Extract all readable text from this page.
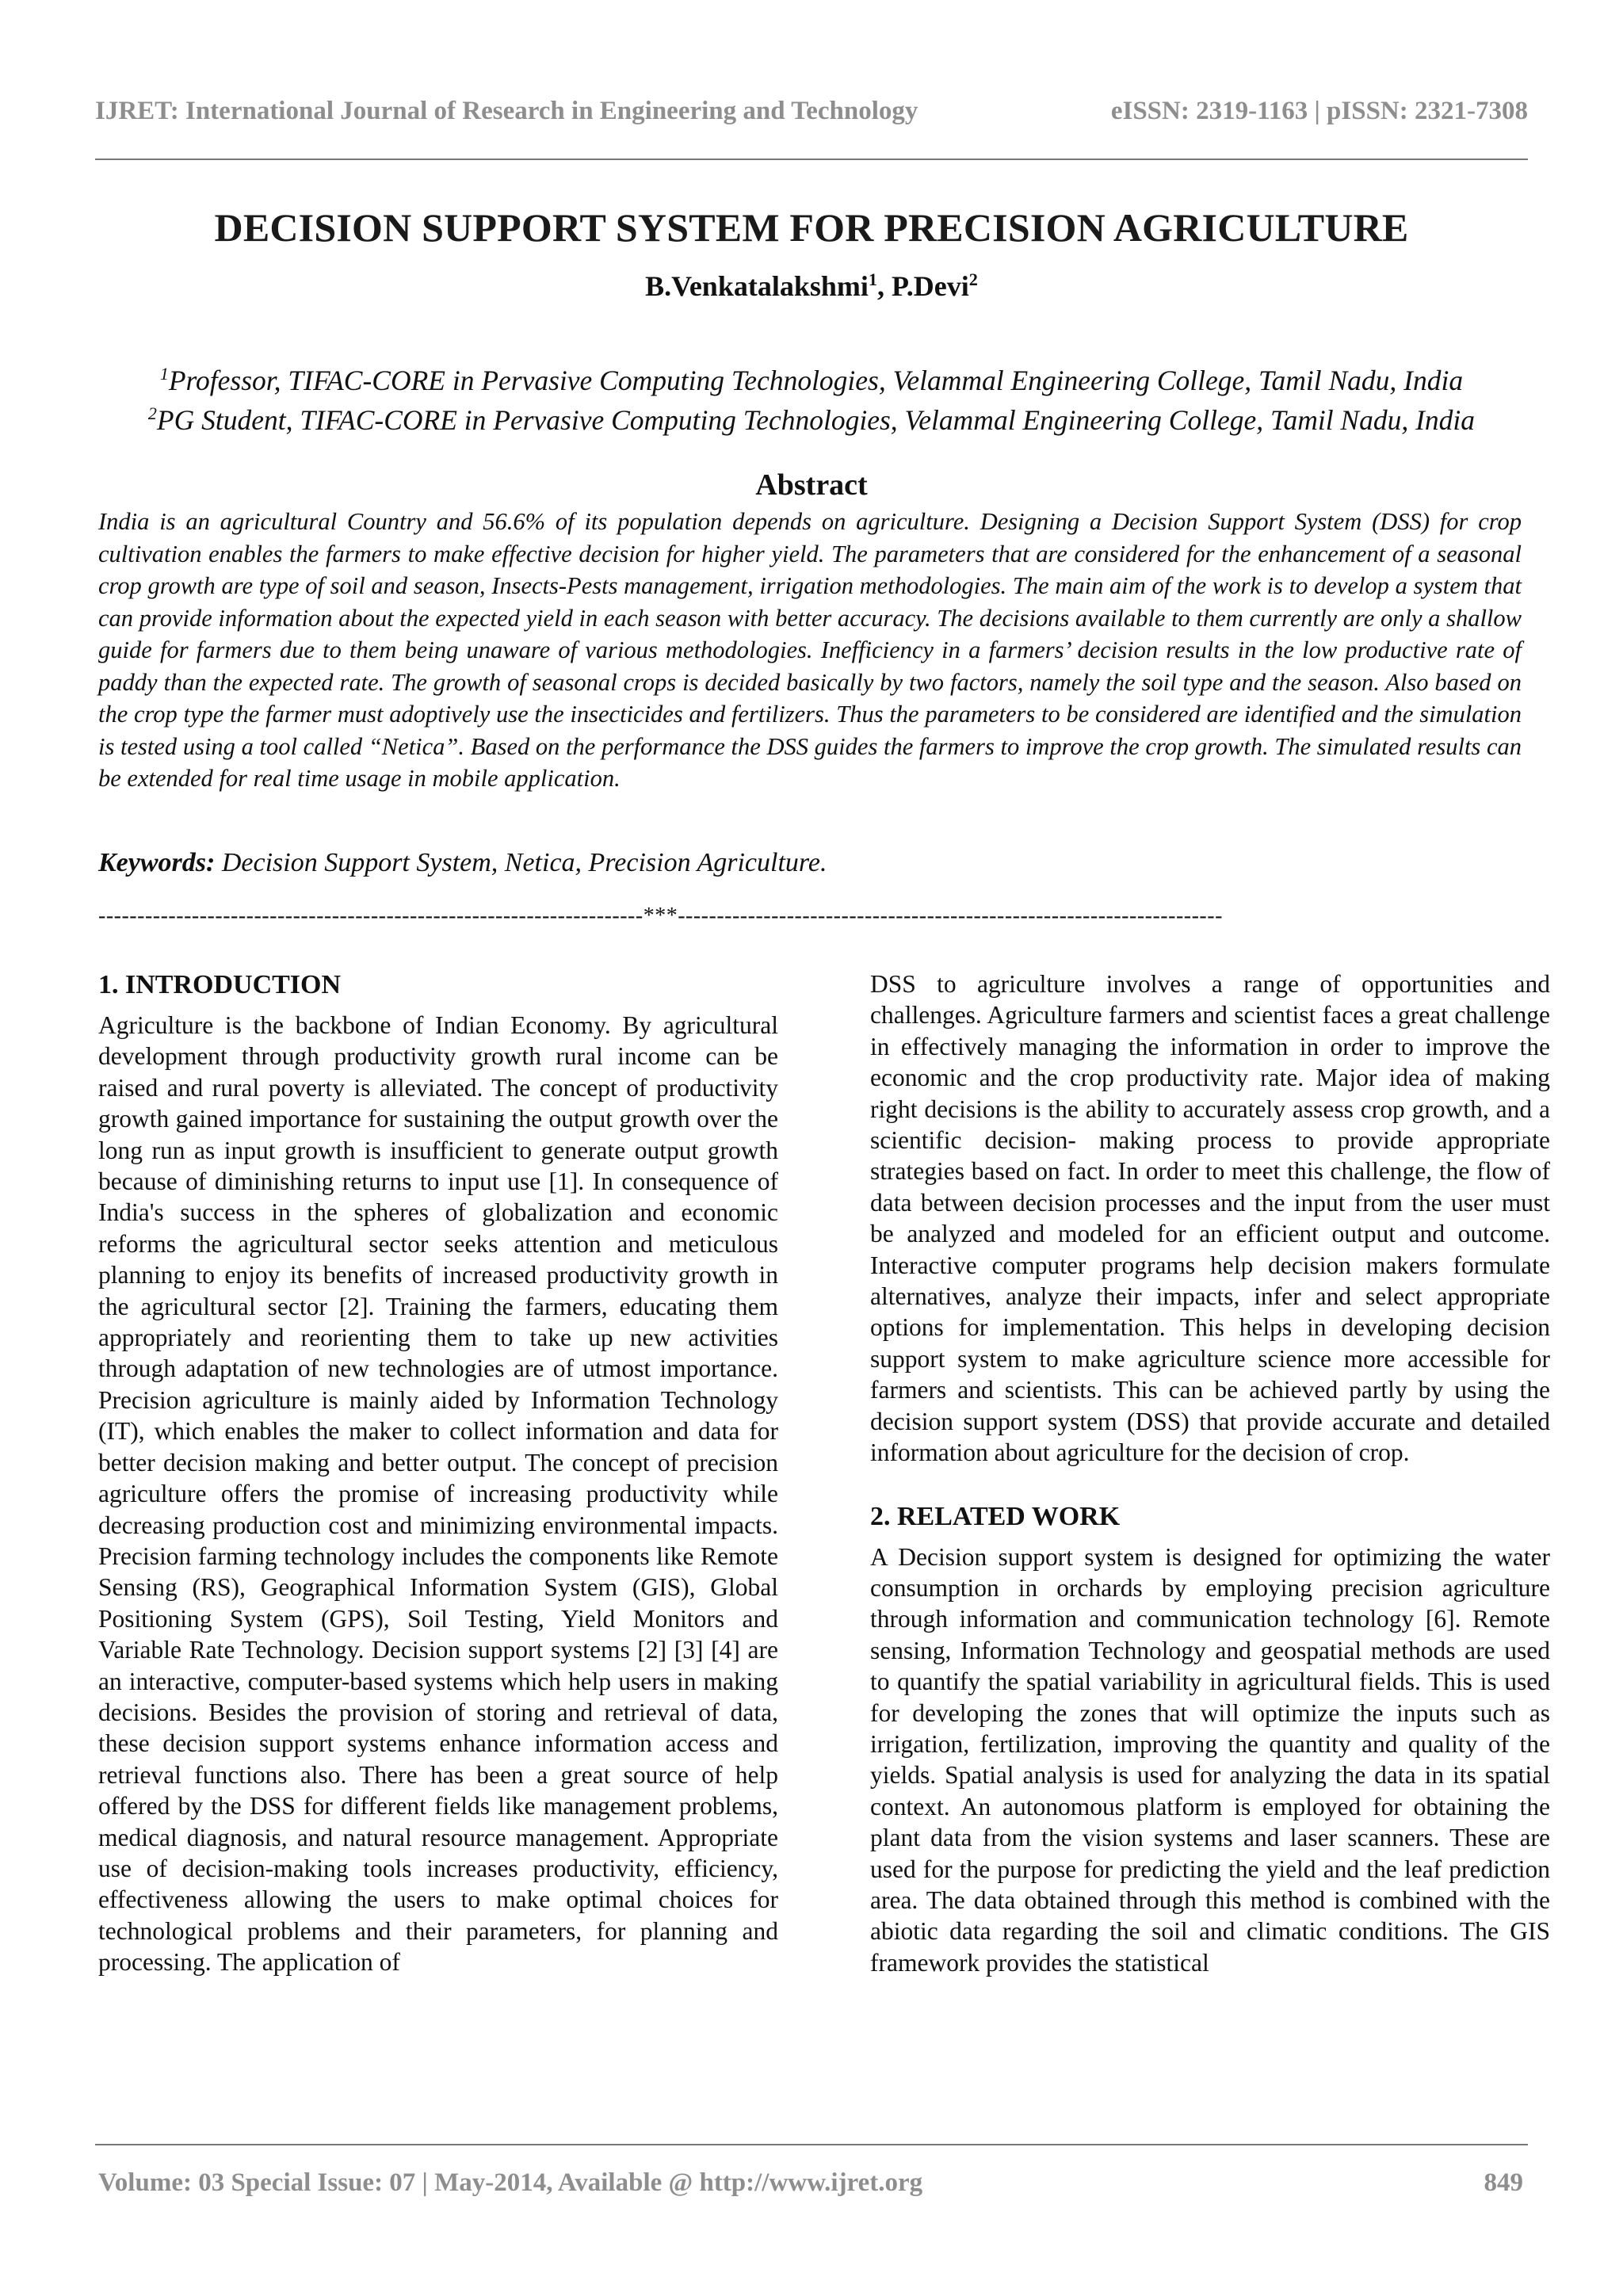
IJRET: International Journal of Research in Engineering and Technology	eISSN: 2319-1163 | pISSN: 2321-7308
DECISION SUPPORT SYSTEM FOR PRECISION AGRICULTURE
B.Venkatalakshmi$^1$, P.Devi$^2$
$^1$Professor, TIFAC-CORE in Pervasive Computing Technologies, Velammal Engineering College, Tamil Nadu, India
$^2$PG Student, TIFAC-CORE in Pervasive Computing Technologies, Velammal Engineering College, Tamil Nadu, India
Abstract
India is an agricultural Country and 56.6% of its population depends on agriculture. Designing a Decision Support System (DSS) for crop cultivation enables the farmers to make effective decision for higher yield. The parameters that are considered for the enhancement of a seasonal crop growth are type of soil and season, Insects-Pests management, irrigation methodologies. The main aim of the work is to develop a system that can provide information about the expected yield in each season with better accuracy. The decisions available to them currently are only a shallow guide for farmers due to them being unaware of various methodologies. Inefficiency in a farmers’ decision results in the low productive rate of paddy than the expected rate. The growth of seasonal crops is decided basically by two factors, namely the soil type and the season. Also based on the crop type the farmer must adoptively use the insecticides and fertilizers. Thus the parameters to be considered are identified and the simulation is tested using a tool called “Netica”. Based on the performance the DSS guides the farmers to improve the crop growth. The simulated results can be extended for real time usage in mobile application.
Keywords: Decision Support System, Netica, Precision Agriculture.
----------------------------------------------------------------------***----------------------------------------------------------------------
1. INTRODUCTION

Agriculture is the backbone of Indian Economy. By agricultural development through productivity growth rural income can be raised and rural poverty is alleviated. The concept of productivity growth gained importance for sustaining the output growth over the long run as input growth is insufficient to generate output growth because of diminishing returns to input use [1]. In consequence of India's success in the spheres of globalization and economic reforms the agricultural sector seeks attention and meticulous planning to enjoy its benefits of increased productivity growth in the agricultural sector [2]. Training the farmers, educating them appropriately and reorienting them to take up new activities through adaptation of new technologies are of utmost importance. Precision agriculture is mainly aided by Information Technology (IT), which enables the maker to collect information and data for better decision making and better output. The concept of precision agriculture offers the promise of increasing productivity while decreasing production cost and minimizing environmental impacts. Precision farming technology includes the components like Remote Sensing (RS), Geographical Information System (GIS), Global Positioning System (GPS), Soil Testing, Yield Monitors and Variable Rate Technology. Decision support systems [2] [3] [4] are an interactive, computer-based systems which help users in making decisions. Besides the provision of storing and retrieval of data, these decision support systems enhance information access and retrieval functions also. There has been a great source of help offered by the DSS for different fields like management problems, medical diagnosis, and natural resource management. Appropriate use of decision-making tools increases productivity, efficiency, effectiveness allowing the users to make optimal choices for technological problems and their parameters, for planning and processing. The application of

DSS to agriculture involves a range of opportunities and challenges. Agriculture farmers and scientist faces a great challenge in effectively managing the information in order to improve the economic and the crop productivity rate. Major idea of making right decisions is the ability to accurately assess crop growth, and a scientific decision- making process to provide appropriate strategies based on fact. In order to meet this challenge, the flow of data between decision processes and the input from the user must be analyzed and modeled for an efficient output and outcome. Interactive computer programs help decision makers formulate alternatives, analyze their impacts, infer and select appropriate options for implementation. This helps in developing decision support system to make agriculture science more accessible for farmers and scientists. This can be achieved partly by using the decision support system (DSS) that provide accurate and detailed information about agriculture for the decision of crop.

2. RELATED WORK

A Decision support system is designed for optimizing the water consumption in orchards by employing precision agriculture through information and communication technology [6]. Remote sensing, Information Technology and geospatial methods are used to quantify the spatial variability in agricultural fields. This is used for developing the zones that will optimize the inputs such as irrigation, fertilization, improving the quantity and quality of the yields. Spatial analysis is used for analyzing the data in its spatial context. An autonomous platform is employed for obtaining the plant data from the vision systems and laser scanners. These are used for the purpose for predicting the yield and the leaf prediction area. The data obtained through this method is combined with the abiotic data regarding the soil and climatic conditions. The GIS framework provides the statistical

Volume: 03 Special Issue: 07 | May-2014, Available @ http://www.ijret.org	849
